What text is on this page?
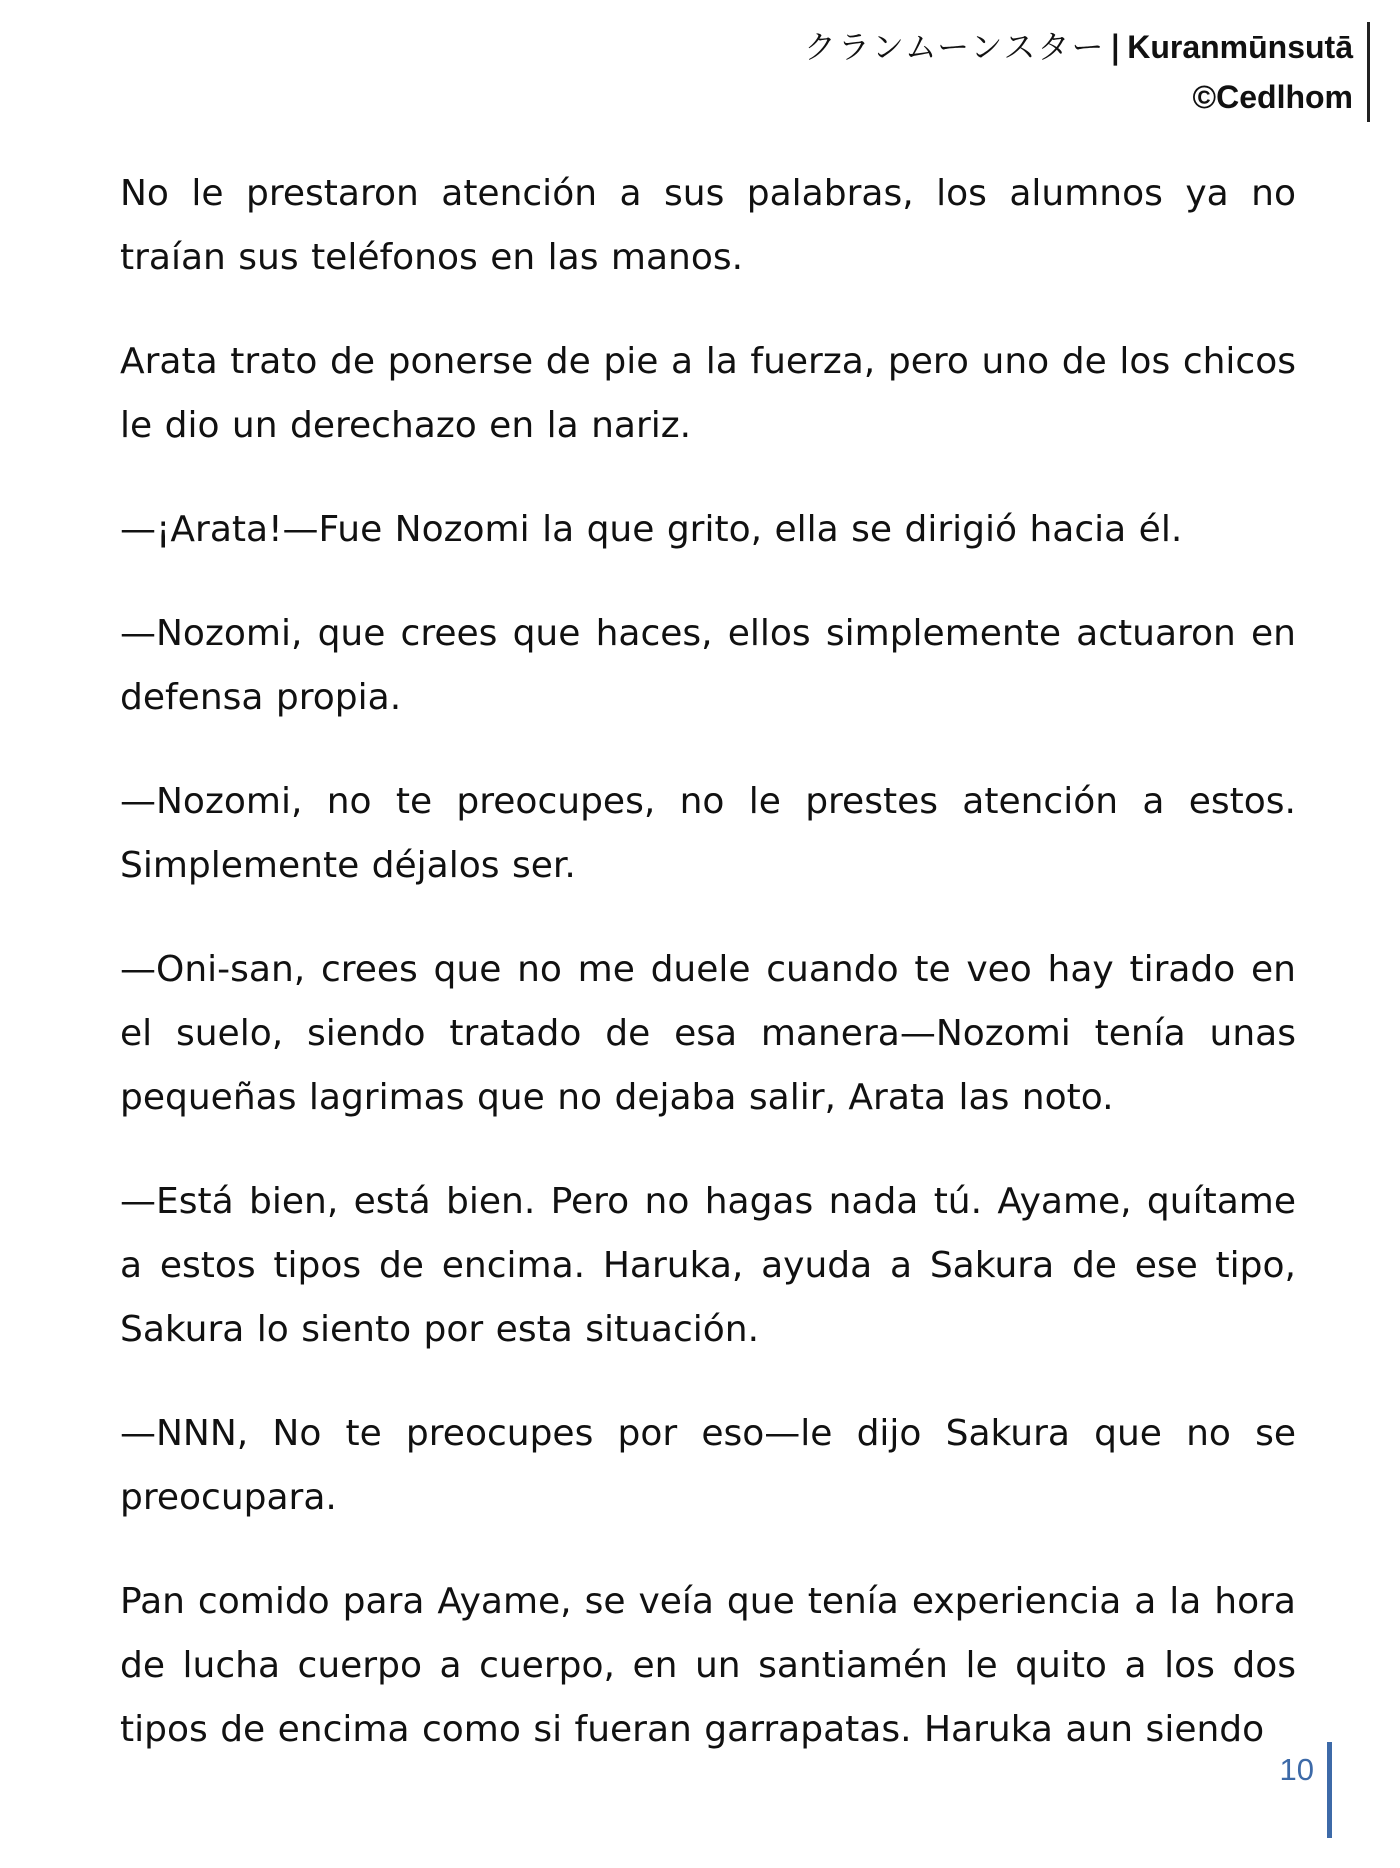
クランムーンスター | Kuranmūnsutā
©Cedlhom

No le prestaron atención a sus palabras, los alumnos ya no traían sus teléfonos en las manos.

Arata trato de ponerse de pie a la fuerza, pero uno de los chicos le dio un derechazo en la nariz.

—¡Arata!—Fue Nozomi la que grito, ella se dirigió hacia él.

—Nozomi, que crees que haces, ellos simplemente actuaron en defensa propia.

—Nozomi, no te preocupes, no le prestes atención a estos. Simplemente déjalos ser.

—Oni-san, crees que no me duele cuando te veo hay tirado en el suelo, siendo tratado de esa manera—Nozomi tenía unas pequeñas lagrimas que no dejaba salir, Arata las noto.

—Está bien, está bien. Pero no hagas nada tú. Ayame, quítame a estos tipos de encima. Haruka, ayuda a Sakura de ese tipo, Sakura lo siento por esta situación.

—NNN, No te preocupes por eso—le dijo Sakura que no se preocupara.

Pan comido para Ayame, se veía que tenía experiencia a la hora de lucha cuerpo a cuerpo, en un santiamén le quito a los dos tipos de encima como si fueran garrapatas. Haruka aun siendo

10
